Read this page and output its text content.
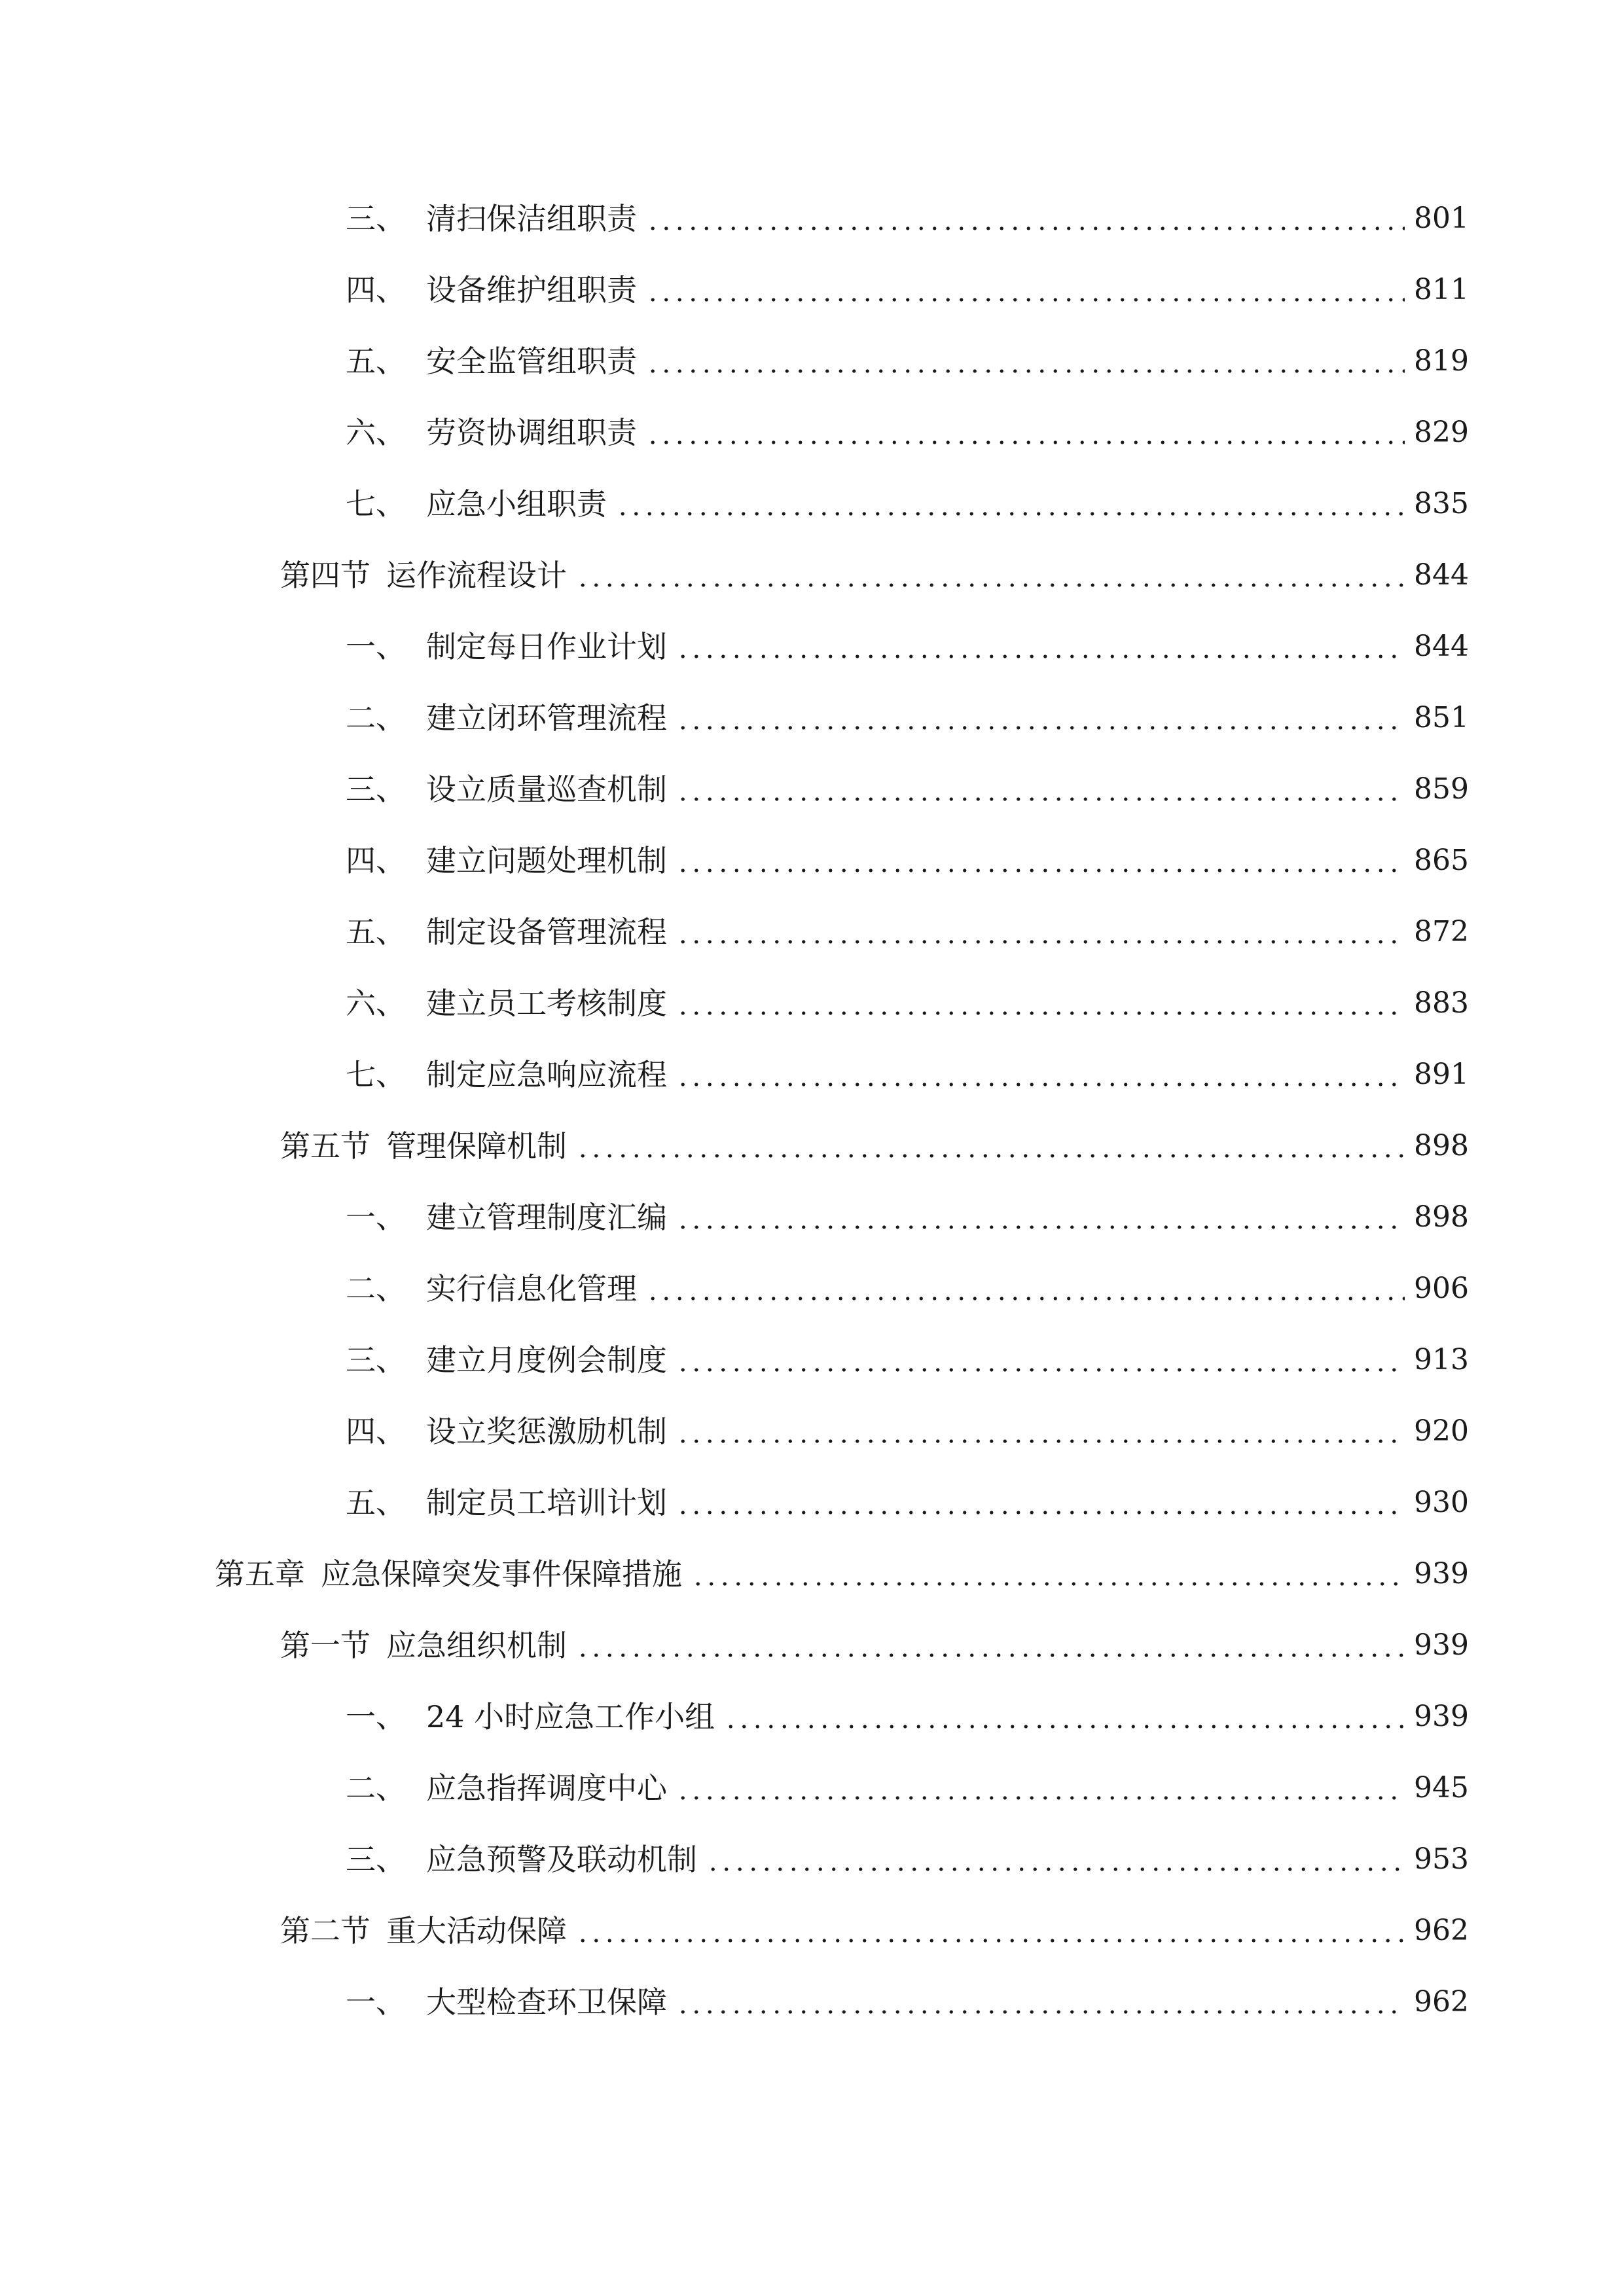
三、 清扫保洁组职责	801
四、 设备维护组职责	811
五、 安全监管组职责	819
六、 劳资协调组职责	829
七、 应急小组职责	835
第四节 运作流程设计	844
一、 制定每日作业计划	844
二、 建立闭环管理流程	851
三、 设立质量巡查机制	859
四、 建立问题处理机制	865
五、 制定设备管理流程	872
六、 建立员工考核制度	883
七、 制定应急响应流程	891
第五节 管理保障机制	898
一、 建立管理制度汇编	898
二、 实行信息化管理	906
三、 建立月度例会制度	913
四、 设立奖惩激励机制	920
五、 制定员工培训计划	930
第五章 应急保障突发事件保障措施	939
第一节 应急组织机制	939
一、 24 小时应急工作小组	939
二、 应急指挥调度中心	945
三、 应急预警及联动机制	953
第二节 重大活动保障	962
一、 大型检查环卫保障	962
